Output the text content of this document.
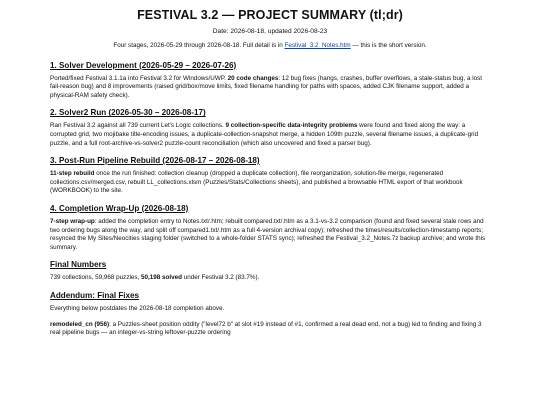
FESTIVAL 3.2 — PROJECT SUMMARY (tl;dr)
Date: 2026-08-18, updated 2026-08-23

Four stages, 2026-05-29 through 2026-08-18. Full detail is in Festival_3.2_Notes.htm — this is the short version.

1. Solver Development (2026-05-29 – 2026-07-26)

Ported/fixed Festival 3.1.1a into Festival 3.2 for Windows/UWP. 20 code changes: 12 bug fixes (hangs, crashes, buffer overflows, a stale-status bug, a lost fail-reason bug) and 8 improvements (raised grid/box/move limits, fixed filename handling for paths with spaces, added CJK filename support, added a physical-RAM safety check).

2. Solver2 Run (2026-05-30 – 2026-08-17)

Ran Festival 3.2 against all 739 current Let's Logic collections. 9 collection-specific data-integrity problems were found and fixed along the way: a corrupted grid, two mojibake title-encoding issues, a duplicate-collection-snapshot merge, a hidden 109th puzzle, several filename issues, a duplicate-grid puzzle, and a full root-archive-vs-solver2 puzzle-count reconciliation (which also uncovered and fixed a parser bug).

3. Post-Run Pipeline Rebuild (2026-08-17 – 2026-08-18)

11-step rebuild once the run finished: collection cleanup (dropped a duplicate collection), file reorganization, solution-file merge, regenerated collections.csv/merged.csv, rebuilt LL_collections.xlsm (Puzzles/Stats/Collections sheets), and published a browsable HTML export of that workbook (WORKBOOK) to the site.

4. Completion Wrap-Up (2026-08-18)

7-step wrap-up: added the completion entry to Notes.txt/.htm; rebuilt compared.txt/.htm as a 3.1-vs-3.2 comparison (found and fixed several stale rows and two ordering bugs along the way, and split off compared1.txt/.htm as a full 4-version archival copy); refreshed the times/results/collection-timestamp reports; resynced the My Sites/Neocities staging folder (switched to a whole-folder STATS sync); refreshed the Festival_3.2_Notes.7z backup archive; and wrote this summary.

Final Numbers

739 collections, 59,968 puzzles, 50,198 solved under Festival 3.2 (83.7%).

Addendum: Final Fixes

Everything below postdates the 2026-08-18 completion above.

remodeled_cn (956): a Puzzles-sheet position oddity ("level72 b" at slot #19 instead of #1, confirmed a real dead end, not a bug) led to finding and fixing 3 real pipeline bugs — an integer-vs-string leftover-puzzle ordering
